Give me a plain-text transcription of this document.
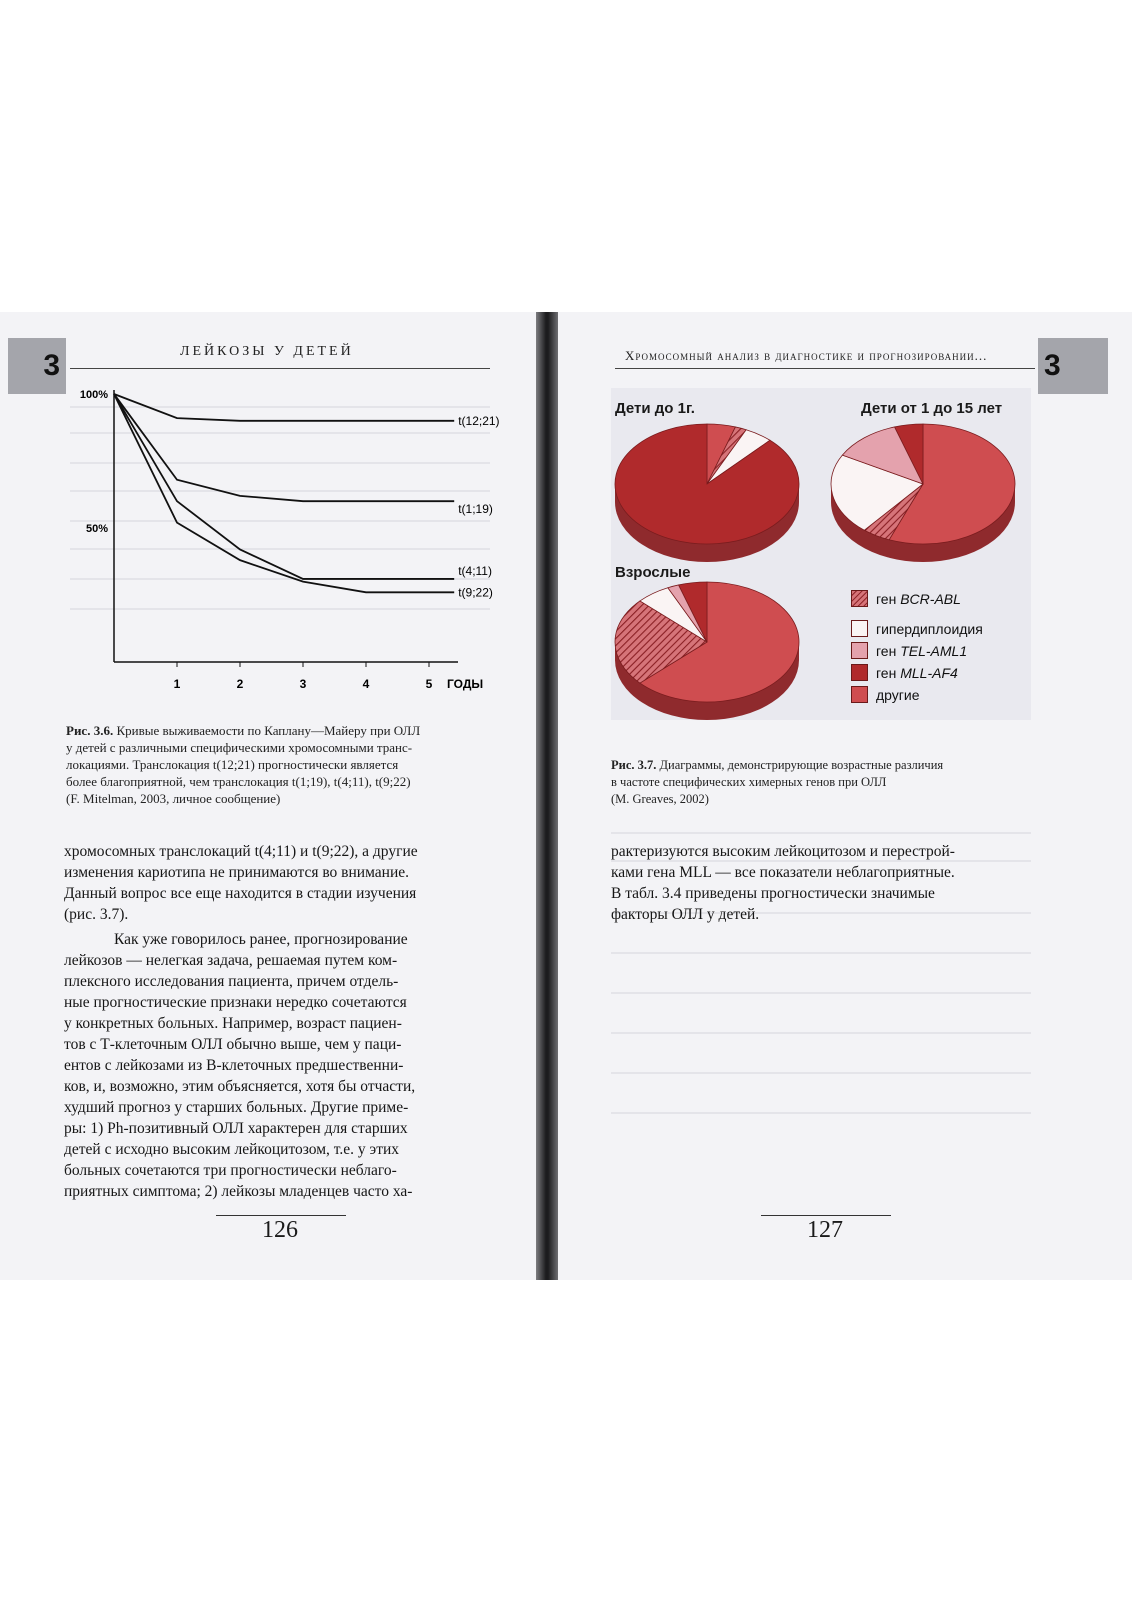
3	ЛЕЙКОЗЫ У ДЕТЕЙ
50%
100%
1	2	3	4	5 ГОДЫ
t(12;21)
t(1;19)
t(4;11)
t(9;22)
Рис. 3.6. Кривые выживаемости по Каплану—Майеру при ОЛЛ
у детей с различными специфическими хромосомными транс-
локациями. Транслокация t(12;21) прогностически является
более благоприятной, чем транслокация t(1;19), t(4;11), t(9;22)
(F. Mitelman, 2003, личное сообщение)

хромосомных транслокаций t(4;11) и t(9;22), а другие
изменения кариотипа не принимаются во внимание.
Данный вопрос все еще находится в стадии изучения
(рис. 3.7).

Как уже говорилось ранее, прогнозирование
лейкозов — нелегкая задача, решаемая путем ком-
плексного исследования пациента, причем отдель-
ные прогностические признаки нередко сочетаются
у конкретных больных. Например, возраст пациен-
тов с Т-клеточным ОЛЛ обычно выше, чем у паци-
ентов с лейкозами из В-клеточных предшественни-
ков, и, возможно, этим объясняется, хотя бы отчасти,
худший прогноз у старших больных. Другие приме-
ры: 1) Ph-позитивный ОЛЛ характерен для старших
детей с исходно высоким лейкоцитозом, т.е. у этих
больных сочетаются три прогностически неблаго-
приятных симптома; 2) лейкозы младенцев часто ха-

126
Хромосомный анализ в диагностике и прогнозировании... 3
Дети до 1г.	Дети от 1 до 15 лет
Взрослые
ген BCR-ABL
гипердиплоидия
ген TEL-AML1
ген MLL-AF4
другие
Рис. 3.7. Диаграммы, демонстрирующие возрастные различия
в частоте специфических химерных генов при ОЛЛ
(M. Greaves, 2002)

рактеризуются высоким лейкоцитозом и перестрой-
ками гена MLL — все показатели неблагоприятные.
В табл. 3.4 приведены прогностически значимые
факторы ОЛЛ у детей.

127
